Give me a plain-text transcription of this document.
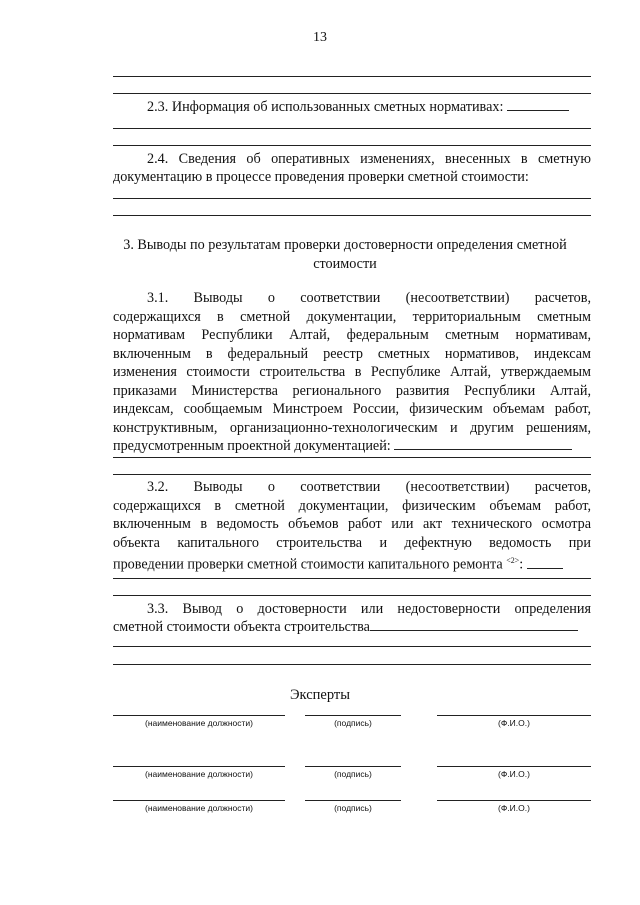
13
2.3. Информация об использованных сметных нормативах:
2.4. Сведения об оперативных изменениях, внесенных в сметную
документацию в процессе проведения проверки сметной стоимости:
3. Выводы по результатам проверки достоверности определения сметной
стоимости
3.1. Выводы о соответствии (несоответствии) расчетов,
содержащихся в сметной документации, территориальным сметным
нормативам Республики Алтай, федеральным сметным нормативам,
включенным в федеральный реестр сметных нормативов, индексам
изменения стоимости строительства в Республике Алтай, утверждаемым
приказами Министерства регионального развития Республики Алтай,
индексам, сообщаемым Минстроем России, физическим объемам работ,
конструктивным, организационно-технологическим и другим решениям,
предусмотренным проектной документацией:
3.2. Выводы о соответствии (несоответствии) расчетов,
содержащихся в сметной документации, физическим объемам работ,
включенным в ведомость объемов работ или акт технического осмотра
объекта капитального строительства и дефектную ведомость при
проведении проверки сметной стоимости капитального ремонта $^{<2>}$:
3.3. Вывод о достоверности или недостоверности определения
сметной стоимости объекта строительства
Эксперты
(наименование должности)	(подпись)	(Ф.И.О.)
(наименование должности)	(подпись)	(Ф.И.О.)
(наименование должности)	(подпись)	(Ф.И.О.)
